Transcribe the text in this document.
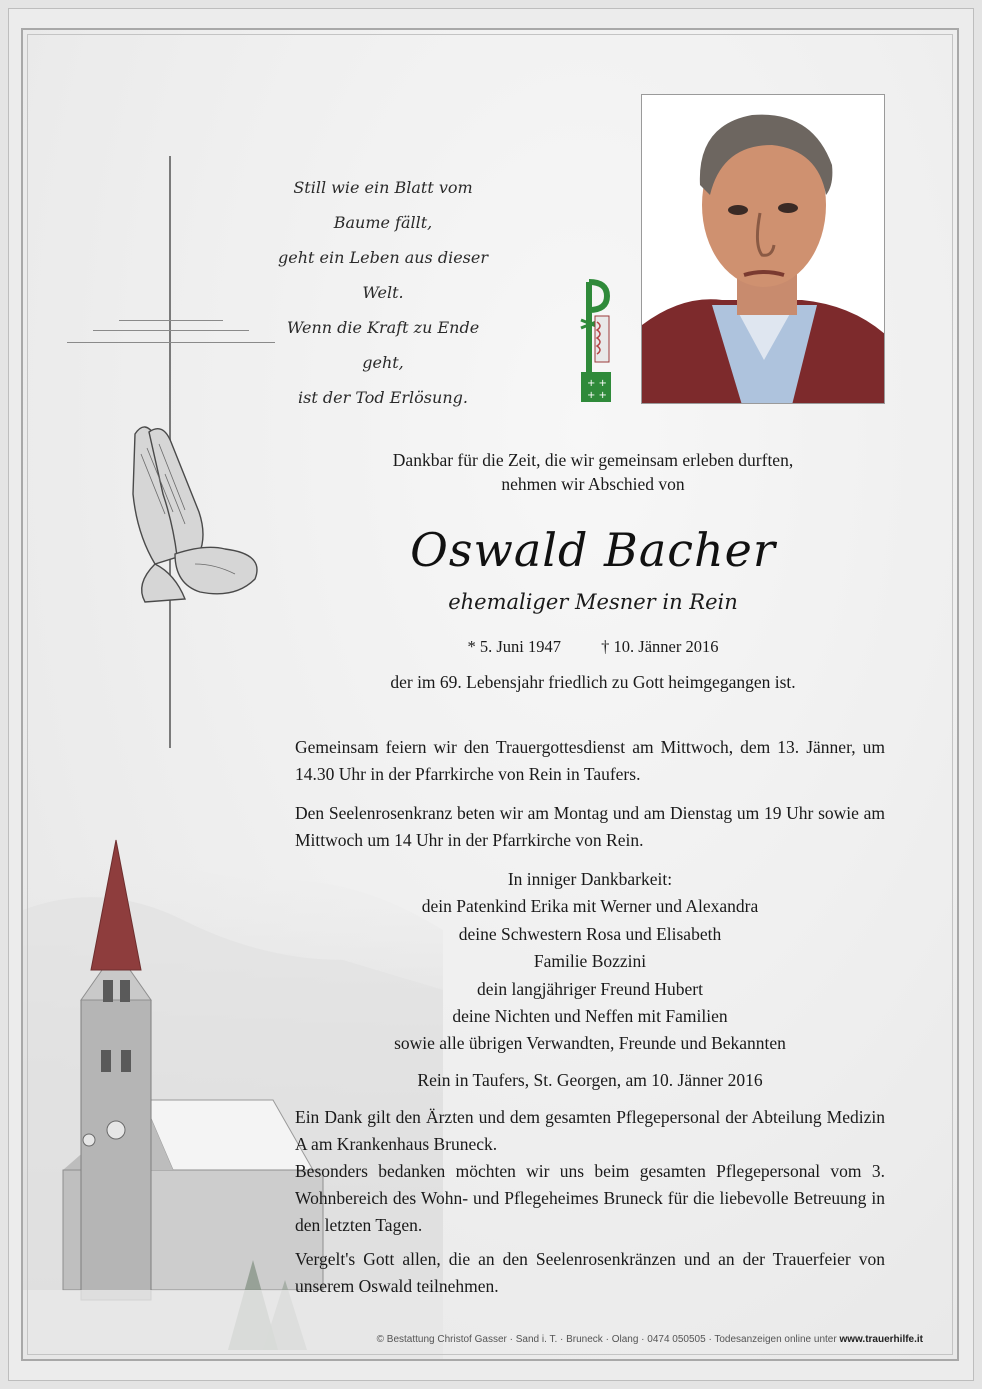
Still wie ein Blatt vom Baume fällt,
geht ein Leben aus dieser Welt.
Wenn die Kraft zu Ende geht,
ist der Tod Erlösung.
+ +
+ +
Dankbar für die Zeit, die wir gemeinsam erleben durften,
nehmen wir Abschied von
Oswald Bacher
ehemaliger Mesner in Rein
* 5. Juni 1947 † 10. Jänner 2016
der im 69. Lebensjahr friedlich zu Gott heimgegangen ist.
Gemeinsam feiern wir den Trauergottesdienst am Mittwoch, dem 13. Jänner, um 14.30 Uhr in der Pfarrkirche von Rein in Taufers.
Den Seelenrosenkranz beten wir am Montag und am Dienstag um 19 Uhr sowie am Mittwoch um 14 Uhr in der Pfarrkirche von Rein.
In inniger Dankbarkeit:
dein Patenkind Erika mit Werner und Alexandra
deine Schwestern Rosa und Elisabeth
Familie Bozzini
dein langjähriger Freund Hubert
deine Nichten und Neffen mit Familien
sowie alle übrigen Verwandten, Freunde und Bekannten
Rein in Taufers, St. Georgen, am 10. Jänner 2016
Ein Dank gilt den Ärzten und dem gesamten Pflegepersonal der Abteilung Medizin A am Krankenhaus Bruneck.
Besonders bedanken möchten wir uns beim gesamten Pflegepersonal vom 3. Wohnbereich des Wohn- und Pflegeheimes Bruneck für die liebevolle Betreuung in den letzten Tagen.
Vergelt's Gott allen, die an den Seelenrosenkränzen und an der Trauerfeier von unserem Oswald teilnehmen.
© Bestattung Christof Gasser · Sand i. T. · Bruneck · Olang · 0474 050505 · Todesanzeigen online unter www.trauerhilfe.it
